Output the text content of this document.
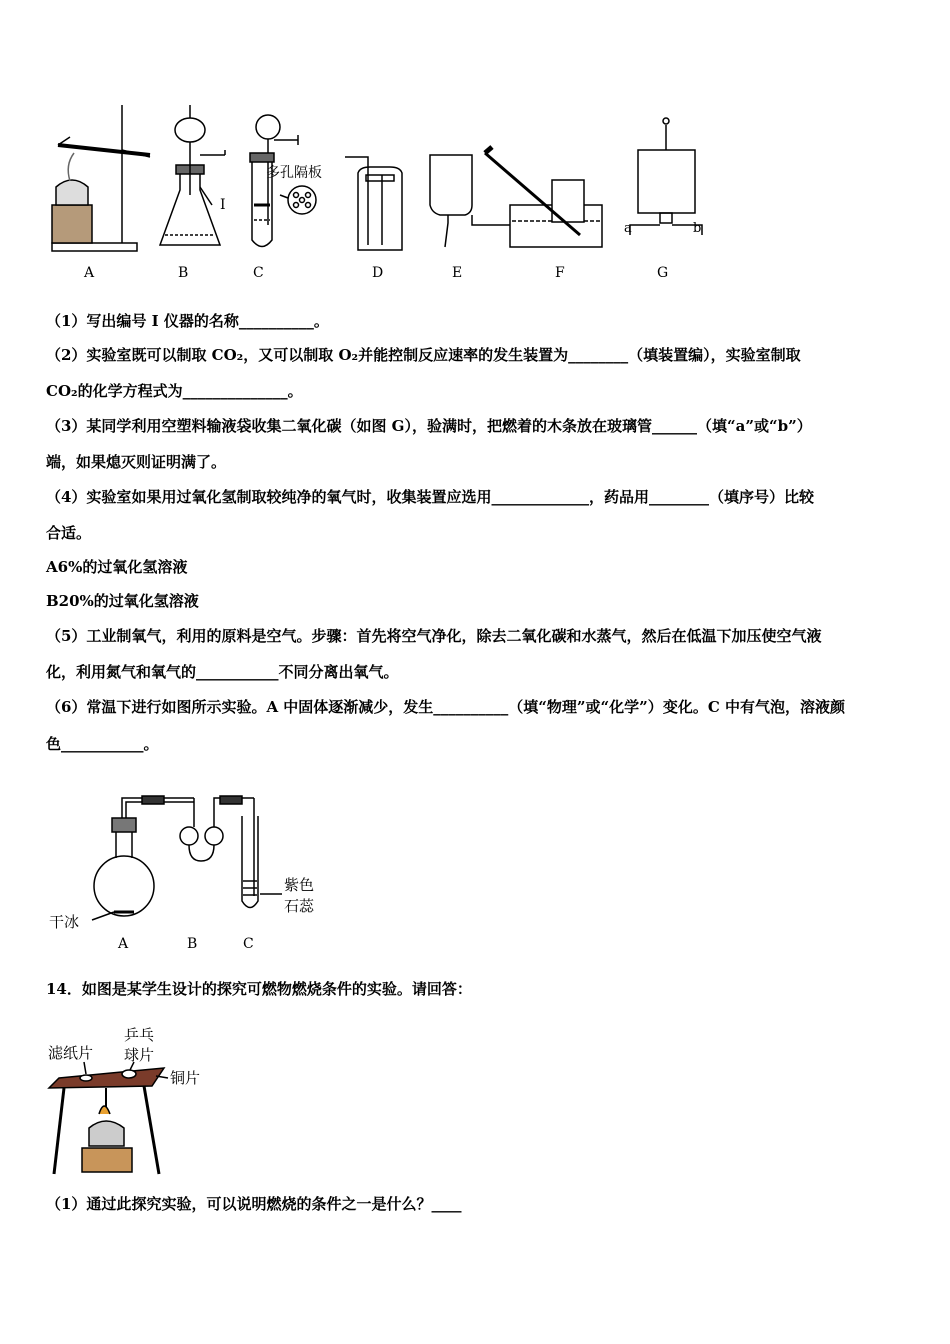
A	B	C	D	E	F	G
I
多孔隔板
a	b
（1）写出编号 I 仪器的名称__________。
（2）实验室既可以制取 CO₂，又可以制取 O₂并能控制反应速率的发生装置为________（填装置编），实验室制取
CO₂的化学方程式为______________。
（3）某同学利用空塑料输液袋收集二氧化碳（如图 G），验满时，把燃着的木条放在玻璃管______（填“a”或“b”）
端，如果熄灭则证明满了。
（4）实验室如果用过氧化氢制取较纯净的氧气时，收集装置应选用_____________，药品用________（填序号）比较
合适。
A6%的过氧化氢溶液
B20%的过氧化氢溶液
（5）工业制氧气，利用的原料是空气。步骤：首先将空气净化，除去二氧化碳和水蒸气，然后在低温下加压使空气液
化，利用氮气和氧气的___________不同分离出氧气。
（6）常温下进行如图所示实验。A 中固体逐渐减少，发生__________（填“物理”或“化学”）变化。C 中有气泡，溶液颜
色___________。
A	B	C
干冰
紫色
石蕊
14．如图是某学生设计的探究可燃物燃烧条件的实验。请回答：
滤纸片
乒乓
球片
铜片
（1）通过此探究实验，可以说明燃烧的条件之一是什么？____
